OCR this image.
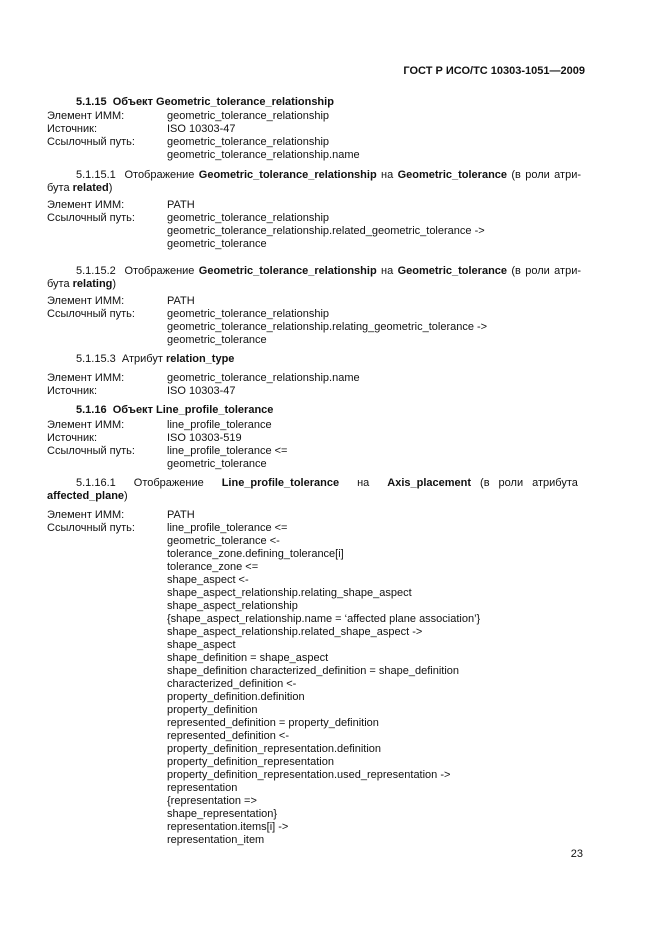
ГОСТ Р ИСО/ТС 10303-1051—2009
5.1.15 Объект Geometric_tolerance_relationship
Элемент ИММ:	geometric_tolerance_relationship
Источник:	ISO 10303-47
Ссылочный путь:	geometric_tolerance_relationship
geometric_tolerance_relationship.name
5.1.15.1 Отображение Geometric_tolerance_relationship на Geometric_tolerance (в роли атри-бута related)
Элемент ИММ:	PATH
Ссылочный путь:	geometric_tolerance_relationship
geometric_tolerance_relationship.related_geometric_tolerance ->
geometric_tolerance
5.1.15.2 Отображение Geometric_tolerance_relationship на Geometric_tolerance (в роли атри-бута relating)
Элемент ИММ:	PATH
Ссылочный путь:	geometric_tolerance_relationship
geometric_tolerance_relationship.relating_geometric_tolerance ->
geometric_tolerance
5.1.15.3 Атрибут relation_type
Элемент ИММ:	geometric_tolerance_relationship.name
Источник:	ISO 10303-47
5.1.16 Объект Line_profile_tolerance
Элемент ИММ:	line_profile_tolerance
Источник:	ISO 10303-519
Ссылочный путь:	line_profile_tolerance <=
geometric_tolerance
5.1.16.1 Отображение Line_profile_tolerance на Axis_placement (в роли атрибута  affected_plane)
Элемент ИММ:	PATH
Ссылочный путь:	line_profile_tolerance <=
geometric_tolerance <-
tolerance_zone.defining_tolerance[i]
tolerance_zone <=
shape_aspect <-
shape_aspect_relationship.relating_shape_aspect
shape_aspect_relationship
{shape_aspect_relationship.name = ‘affected plane association’}
shape_aspect_relationship.related_shape_aspect ->
shape_aspect
shape_definition = shape_aspect
shape_definition characterized_definition = shape_definition
characterized_definition <-
property_definition.definition
property_definition
represented_definition = property_definition
represented_definition <-
property_definition_representation.definition
property_definition_representation
property_definition_representation.used_representation ->
representation
{representation =>
shape_representation}
representation.items[i] ->
representation_item
23
